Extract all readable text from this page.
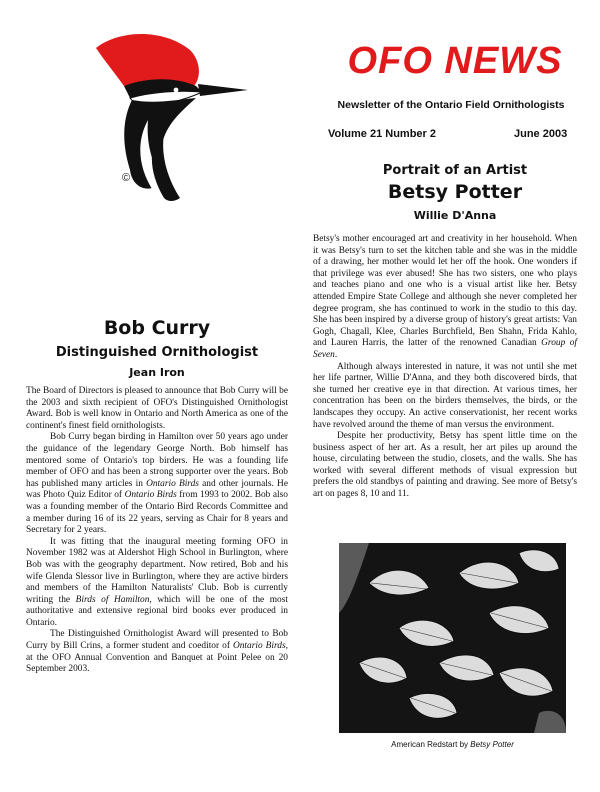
©
OFO NEWS
Newsletter of the Ontario Field Ornithologists
Volume 21 Number 2	June 2003
Portrait of an Artist
Betsy Potter
Willie D'Anna

Betsy's mother encouraged art and creativity in her household. When it was Betsy's turn to set the kitchen table and she was in the middle of a drawing, her mother would let her off the hook. One wonders if that privilege was ever abused! She has two sisters, one who plays and teaches piano and one who is a visual artist like her. Betsy attended Empire State College and although she never completed her degree program, she has continued to work in the studio to this day. She has been inspired by a diverse group of history's great artists: Van Gogh, Chagall, Klee, Charles Burchfield, Ben Shahn, Frida Kahlo, and Lauren Harris, the latter of the renowned Canadian Group of Seven.

Although always interested in nature, it was not until she met her life partner, Willie D'Anna, and they both discovered birds, that she turned her creative eye in that direction. At various times, her concentration has been on the birders themselves, the birds, or the landscapes they occupy. An active conservationist, her recent works have revolved around the theme of man versus the environment.

Despite her productivity, Betsy has spent little time on the business aspect of her art. As a result, her art piles up around the house, circulating between the studio, closets, and the walls. She has worked with several different methods of visual expression but prefers the old standbys of painting and drawing. See more of Betsy's art on pages 8, 10 and 11.

American Redstart by Betsy Potter
Bob Curry
Distinguished Ornithologist
Jean Iron

The Board of Directors is pleased to announce that Bob Curry will be the 2003 and sixth recipient of OFO's Distinguished Ornithologist Award. Bob is well know in Ontario and North America as one of the continent's finest field ornithologists.

Bob Curry began birding in Hamilton over 50 years ago under the guidance of the legendary George North. Bob himself has mentored some of Ontario's top birders. He was a founding life member of OFO and has been a strong supporter over the years. Bob has published many articles in Ontario Birds and other journals. He was Photo Quiz Editor of Ontario Birds from 1993 to 2002. Bob also was a founding member of the Ontario Bird Records Committee and a member during 16 of its 22 years, serving as Chair for 8 years and Secretary for 2 years.

It was fitting that the inaugural meeting forming OFO in November 1982 was at Aldershot High School in Burlington, where Bob was with the geography department. Now retired, Bob and his wife Glenda Slessor live in Burlington, where they are active birders and members of the Hamilton Naturalists' Club. Bob is currently writing the Birds of Hamilton, which will be one of the most authoritative and extensive regional bird books ever produced in Ontario.

The Distinguished Ornithologist Award will presented to Bob Curry by Bill Crins, a former student and coeditor of Ontario Birds, at the OFO Annual Convention and Banquet at Point Pelee on 20 September 2003.
